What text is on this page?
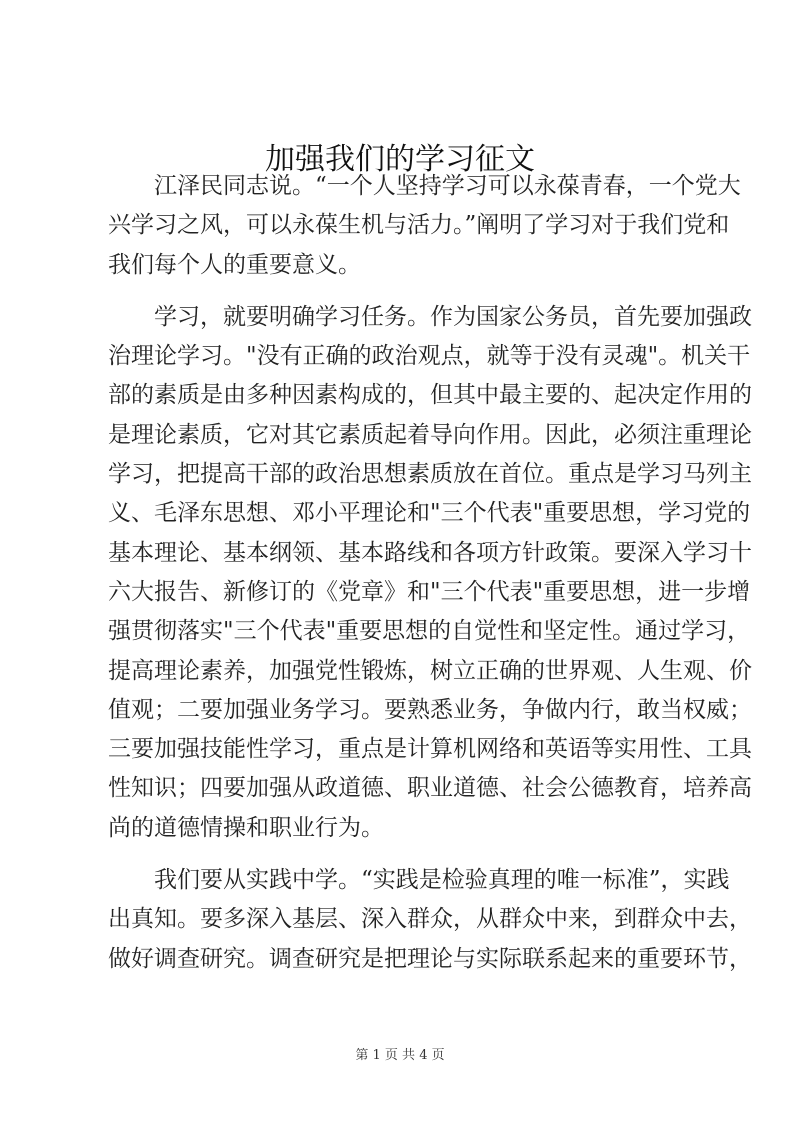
加强我们的学习征文
江泽民同志说。“一个人坚持学习可以永葆青春，一个党大
兴学习之风，可以永葆生机与活力。”阐明了学习对于我们党和
我们每个人的重要意义。
学习，就要明确学习任务。作为国家公务员，首先要加强政
治理论学习。"没有正确的政治观点，就等于没有灵魂"。机关干
部的素质是由多种因素构成的，但其中最主要的、起决定作用的
是理论素质，它对其它素质起着导向作用。因此，必须注重理论
学习，把提高干部的政治思想素质放在首位。重点是学习马列主
义、毛泽东思想、邓小平理论和"三个代表"重要思想，学习党的
基本理论、基本纲领、基本路线和各项方针政策。要深入学习十
六大报告、新修订的《党章》和"三个代表"重要思想，进一步增
强贯彻落实"三个代表"重要思想的自觉性和坚定性。通过学习，
提高理论素养，加强党性锻炼，树立正确的世界观、人生观、价
值观；二要加强业务学习。要熟悉业务，争做内行，敢当权威；
三要加强技能性学习，重点是计算机网络和英语等实用性、工具
性知识；四要加强从政道德、职业道德、社会公德教育，培养高
尚的道德情操和职业行为。
我们要从实践中学。“实践是检验真理的唯一标准”，实践
出真知。要多深入基层、深入群众，从群众中来，到群众中去，
做好调查研究。调查研究是把理论与实际联系起来的重要环节，
第 1 页 共 4 页
